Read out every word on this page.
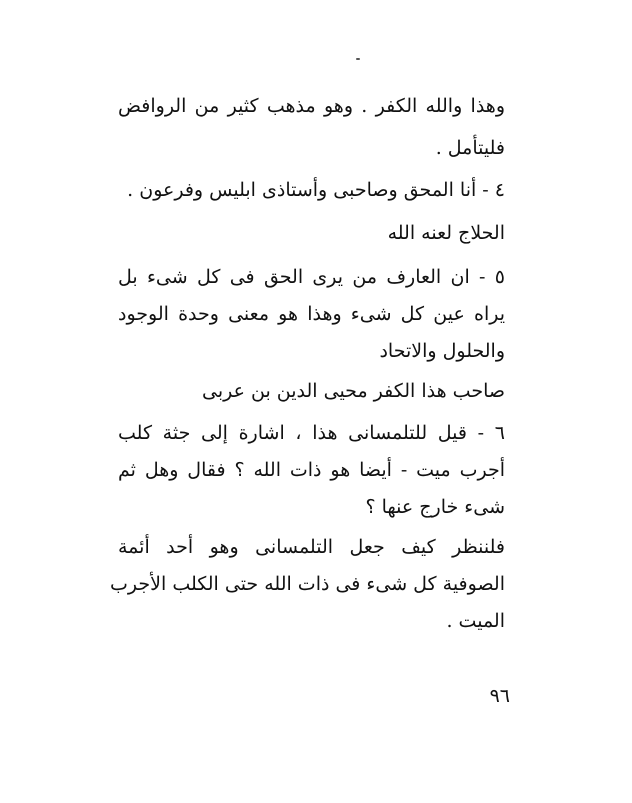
وهذا والله الكفر . وهو مذهب كثير من الروافض
فليتأمل .
٤ - أنا المحق وصاحبى وأستاذى ابليس وفرعون .
الحلاج لعنه الله
٥ - ان العارف من يرى الحق فى كل شىء بل
يراه عين كل شىء وهذا هو معنى وحدة الوجود
والحلول والاتحاد
صاحب هذا الكفر محيى الدين بن عربى
٦ - قيل للتلمسانى هذا ، اشارة إلى جثة كلب
أجرب ميت - أيضا هو ذات الله ؟ فقال وهل ثم
شىء خارج عنها ؟
فلننظر كيف جعل التلمسانى وهو أحد أئمة
الصوفية كل شىء فى ذات الله حتى الكلب الأجرب
الميت .
٩٦
